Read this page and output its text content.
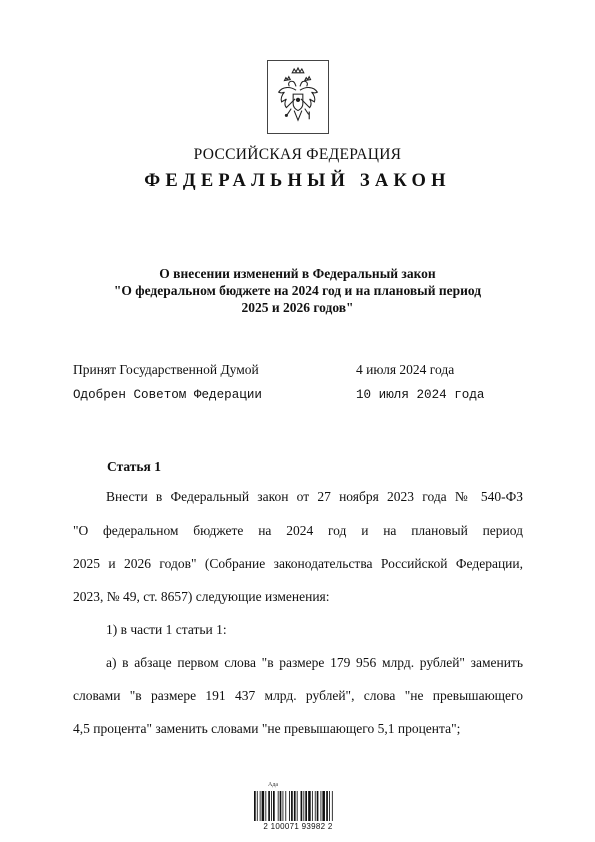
РОССИЙСКАЯ ФЕДЕРАЦИЯ
ФЕДЕРАЛЬНЫЙ ЗАКОН
О внесении изменений в Федеральный закон
"О федеральном бюджете на 2024 год и на плановый период
2025 и 2026 годов"
Принят Государственной Думой	4 июля 2024 года
Одобрен Советом Федерации	10 июля 2024 года
Статья 1
Внести в Федеральный закон от 27 ноября 2023 года № 540-ФЗ
"О федеральном бюджете на 2024 год и на плановый период
2025 и 2026 годов" (Собрание законодательства Российской Федерации,
2023, № 49, ст. 8657) следующие изменения:
1) в части 1 статьи 1:
а) в абзаце первом слова "в размере 179 956 млрд. рублей" заменить
словами "в размере 191 437 млрд. рублей", слова "не превышающего
4,5 процента" заменить словами "не превышающего 5,1 процента";
Ада
2 100071 93982 2
